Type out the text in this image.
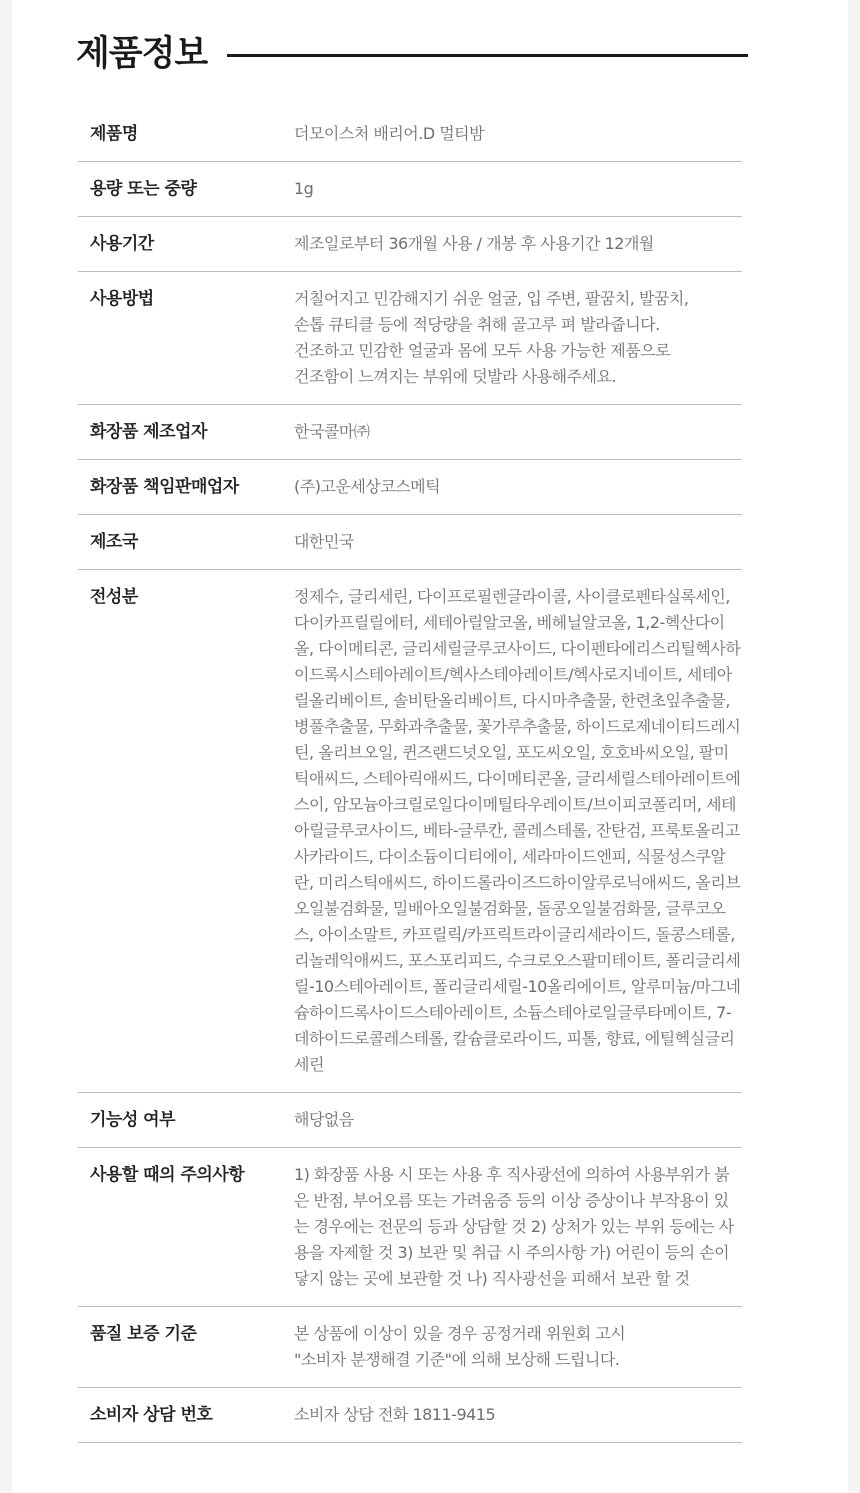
제품정보
제품명	더모이스처 배리어.D 멀티밤
용량 또는 중량	1g
사용기간	제조일로부터 36개월 사용 / 개봉 후 사용기간 12개월
사용방법	거칠어지고 민감해지기 쉬운 얼굴, 입 주변, 팔꿈치, 발꿈치,
손톱 큐티클 등에 적당량을 취해 골고루 펴 발라줍니다.
건조하고 민감한 얼굴과 몸에 모두 사용 가능한 제품으로
건조함이 느껴지는 부위에 덧발라 사용해주세요.
화장품 제조업자	한국콜마㈜
화장품 책임판매업자	(주)고운세상코스메틱
제조국	대한민국
전성분	정제수, 글리세린, 다이프로필렌글라이콜, 사이클로펜타실록세인, 다이카프릴릴에터, 세테아릴알코올, 베헤닐알코올, 1,2-헥산다이올, 다이메티콘, 글리세릴글루코사이드, 다이펜타에리스리틸헥사하이드록시스테아레이트/헥사스테아레이트/헥사로지네이트, 세테아릴올리베이트, 솔비탄올리베이트, 다시마추출물, 한련초잎추출물, 병풀추출물, 무화과추출물, 꽃가루추출물, 하이드로제네이티드레시틴, 올리브오일, 퀸즈랜드넛오일, 포도씨오일, 호호바씨오일, 팔미틱애씨드, 스테아릭애씨드, 다이메티콘올, 글리세릴스테아레이트에스이, 암모늄아크릴로일다이메틸타우레이트/브이피코폴리머, 세테아릴글루코사이드, 베타-글루칸, 콜레스테롤, 잔탄검, 프룩토올리고사카라이드, 다이소듐이디티에이, 세라마이드엔피, 식물성스쿠알란, 미리스틱애씨드, 하이드롤라이즈드하이알루로닉애씨드, 올리브오일불검화물, 밀배아오일불검화물, 돌콩오일불검화물, 글루코오스, 아이소말트, 카프릴릭/카프릭트라이글리세라이드, 돌콩스테롤, 리놀레익애씨드, 포스포리피드, 수크로오스팔미테이트, 폴리글리세릴-10스테아레이트, 폴리글리세릴-10올리에이트, 알루미늄/마그네슘하이드록사이드스테아레이트, 소듐스테아로일글루타메이트, 7-데하이드로콜레스테롤, 칼슘클로라이드, 피톨, 향료, 에틸헥실글리세린
기능성 여부	해당없음
사용할 때의 주의사항	1) 화장품 사용 시 또는 사용 후 직사광선에 의하여 사용부위가 붉은 반점, 부어오름 또는 가려움증 등의 이상 증상이나 부작용이 있는 경우에는 전문의 등과 상담할 것 2) 상처가 있는 부위 등에는 사용을 자제할 것 3) 보관 및 취급 시 주의사항 가) 어린이 등의 손이 닿지 않는 곳에 보관할 것 나) 직사광선을 피해서 보관 할 것
품질 보증 기준	본 상품에 이상이 있을 경우 공정거래 위원회 고시
"소비자 분쟁해결 기준"에 의해 보상해 드립니다.
소비자 상담 번호	소비자 상담 전화 1811-9415
